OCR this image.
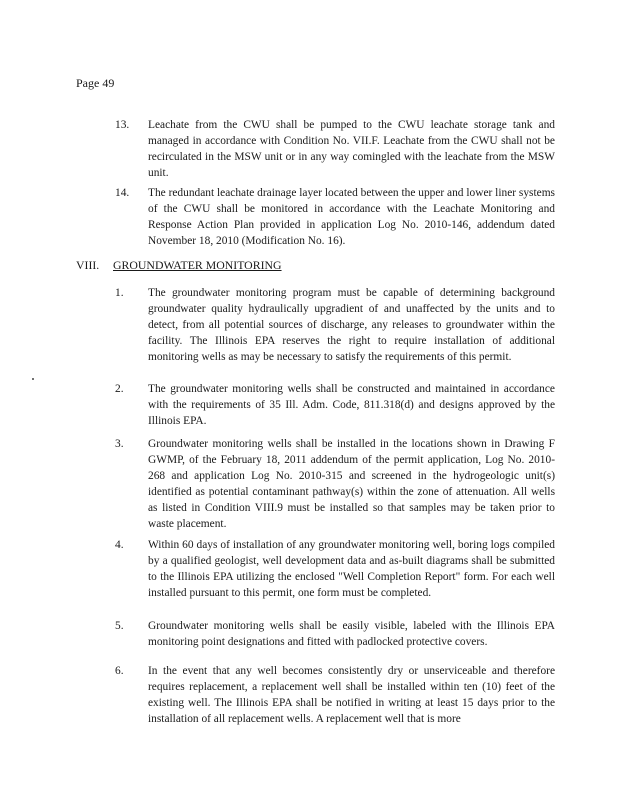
Page 49
13. Leachate from the CWU shall be pumped to the CWU leachate storage tank and managed in accordance with Condition No. VII.F. Leachate from the CWU shall not be recirculated in the MSW unit or in any way comingled with the leachate from the MSW unit.
14. The redundant leachate drainage layer located between the upper and lower liner systems of the CWU shall be monitored in accordance with the Leachate Monitoring and Response Action Plan provided in application Log No. 2010-146, addendum dated November 18, 2010 (Modification No. 16).
VIII. GROUNDWATER MONITORING
1. The groundwater monitoring program must be capable of determining background groundwater quality hydraulically upgradient of and unaffected by the units and to detect, from all potential sources of discharge, any releases to groundwater within the facility. The Illinois EPA reserves the right to require installation of additional monitoring wells as may be necessary to satisfy the requirements of this permit.
2. The groundwater monitoring wells shall be constructed and maintained in accordance with the requirements of 35 Ill. Adm. Code, 811.318(d) and designs approved by the Illinois EPA.
3. Groundwater monitoring wells shall be installed in the locations shown in Drawing F GWMP, of the February 18, 2011 addendum of the permit application, Log No. 2010-268 and application Log No. 2010-315 and screened in the hydrogeologic unit(s) identified as potential contaminant pathway(s) within the zone of attenuation. All wells as listed in Condition VIII.9 must be installed so that samples may be taken prior to waste placement.
4. Within 60 days of installation of any groundwater monitoring well, boring logs compiled by a qualified geologist, well development data and as-built diagrams shall be submitted to the Illinois EPA utilizing the enclosed "Well Completion Report" form. For each well installed pursuant to this permit, one form must be completed.
5. Groundwater monitoring wells shall be easily visible, labeled with the Illinois EPA monitoring point designations and fitted with padlocked protective covers.
6. In the event that any well becomes consistently dry or unserviceable and therefore requires replacement, a replacement well shall be installed within ten (10) feet of the existing well. The Illinois EPA shall be notified in writing at least 15 days prior to the installation of all replacement wells. A replacement well that is more
